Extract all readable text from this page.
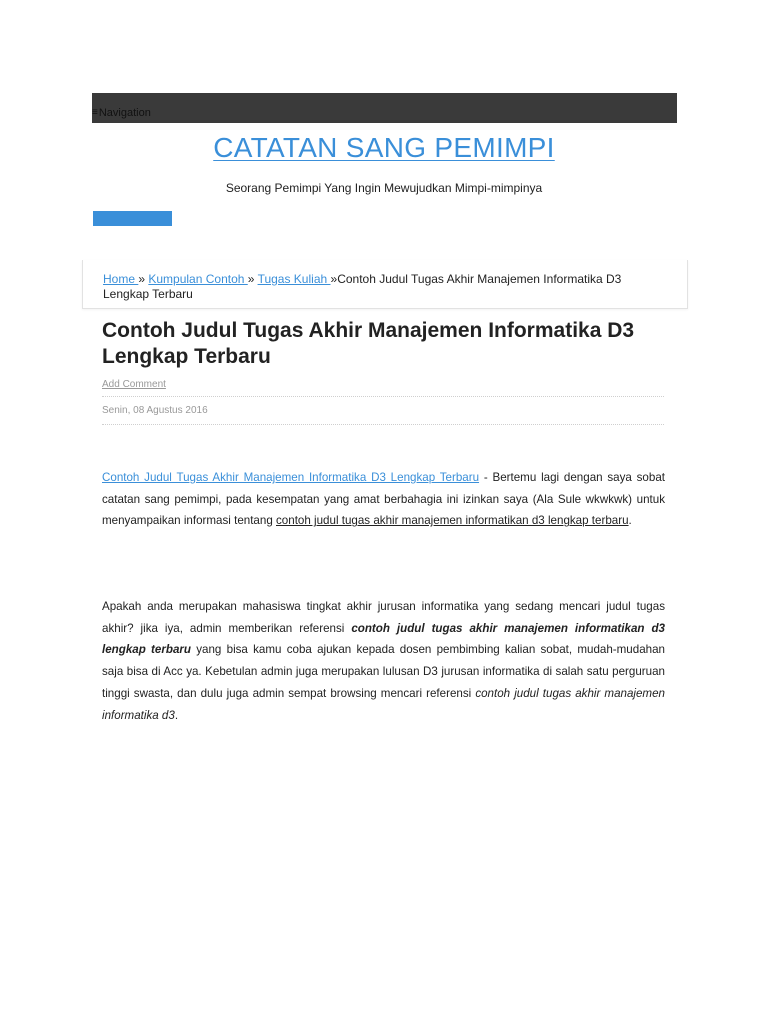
≡ Navigation
CATATAN SANG PEMIMPI
Seorang Pemimpi Yang Ingin Mewujudkan Mimpi-mimpinya
Home » Kumpulan Contoh » Tugas Kuliah »Contoh Judul Tugas Akhir Manajemen Informatika D3 Lengkap Terbaru
Contoh Judul Tugas Akhir Manajemen Informatika D3 Lengkap Terbaru
Add Comment
Senin, 08 Agustus 2016
Contoh Judul Tugas Akhir Manajemen Informatika D3 Lengkap Terbaru - Bertemu lagi dengan saya sobat catatan sang pemimpi, pada kesempatan yang amat berbahagia ini izinkan saya (Ala Sule wkwkwk) untuk menyampaikan informasi tentang contoh judul tugas akhir manajemen informatikan d3 lengkap terbaru.
Apakah anda merupakan mahasiswa tingkat akhir jurusan informatika yang sedang mencari judul tugas akhir? jika iya, admin memberikan referensi contoh judul tugas akhir manajemen informatikan d3 lengkap terbaru yang bisa kamu coba ajukan kepada dosen pembimbing kalian sobat, mudah-mudahan saja bisa di Acc ya. Kebetulan admin juga merupakan lulusan D3 jurusan informatika di salah satu perguruan tinggi swasta, dan dulu juga admin sempat browsing mencari referensi contoh judul tugas akhir manajemen informatika d3.
